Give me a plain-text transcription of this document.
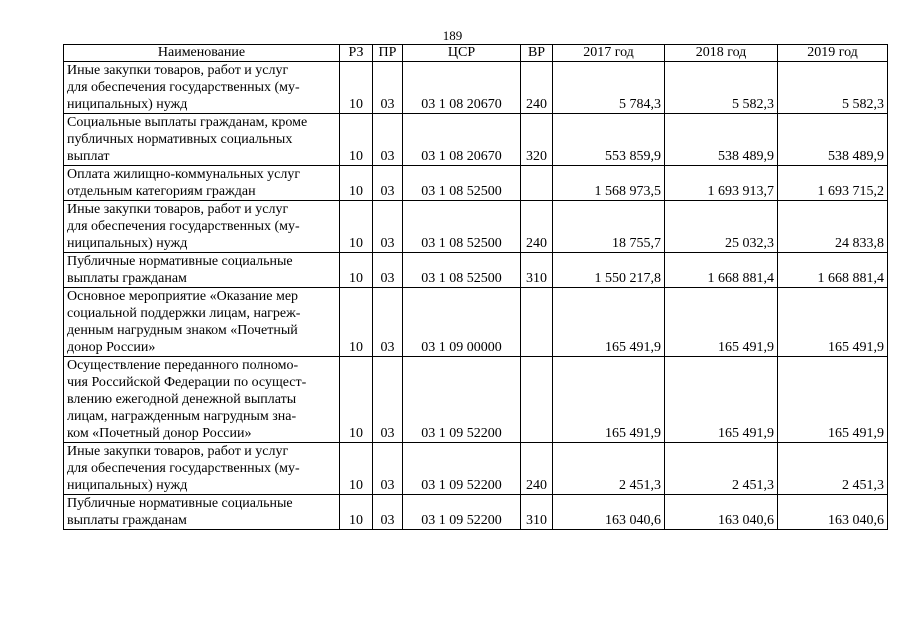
189
Наименование	РЗ	ПР	ЦСР	ВР	2017 год	2018 год	2019 год

Иные закупки товаров, работ и услуг
для обеспечения государственных (му-
ниципальных) нужд	10	03	03 1 08 20670	240	5 784,3	5 582,3	5 582,3

Социальные выплаты гражданам, кроме
публичных нормативных социальных
выплат	10	03	03 1 08 20670	320	553 859,9	538 489,9	538 489,9

Оплата жилищно-коммунальных услуг
отдельным категориям граждан	10	03	03 1 08 52500		1 568 973,5	1 693 913,7	1 693 715,2

Иные закупки товаров, работ и услуг
для обеспечения государственных (му-
ниципальных) нужд	10	03	03 1 08 52500	240	18 755,7	25 032,3	24 833,8

Публичные нормативные социальные
выплаты гражданам	10	03	03 1 08 52500	310	1 550 217,8	1 668 881,4	1 668 881,4

Основное мероприятие «Оказание мер
социальной поддержки лицам, нагреж-
денным нагрудным знаком «Почетный
донор России»	10	03	03 1 09 00000		165 491,9	165 491,9	165 491,9

Осуществление переданного полномо-
чия Российской Федерации по осущест-
влению ежегодной денежной выплаты
лицам, награжденным нагрудным зна-
ком «Почетный донор России»	10	03	03 1 09 52200		165 491,9	165 491,9	165 491,9

Иные закупки товаров, работ и услуг
для обеспечения государственных (му-
ниципальных) нужд	10	03	03 1 09 52200	240	2 451,3	2 451,3	2 451,3

Публичные нормативные социальные
выплаты гражданам	10	03	03 1 09 52200	310	163 040,6	163 040,6	163 040,6
